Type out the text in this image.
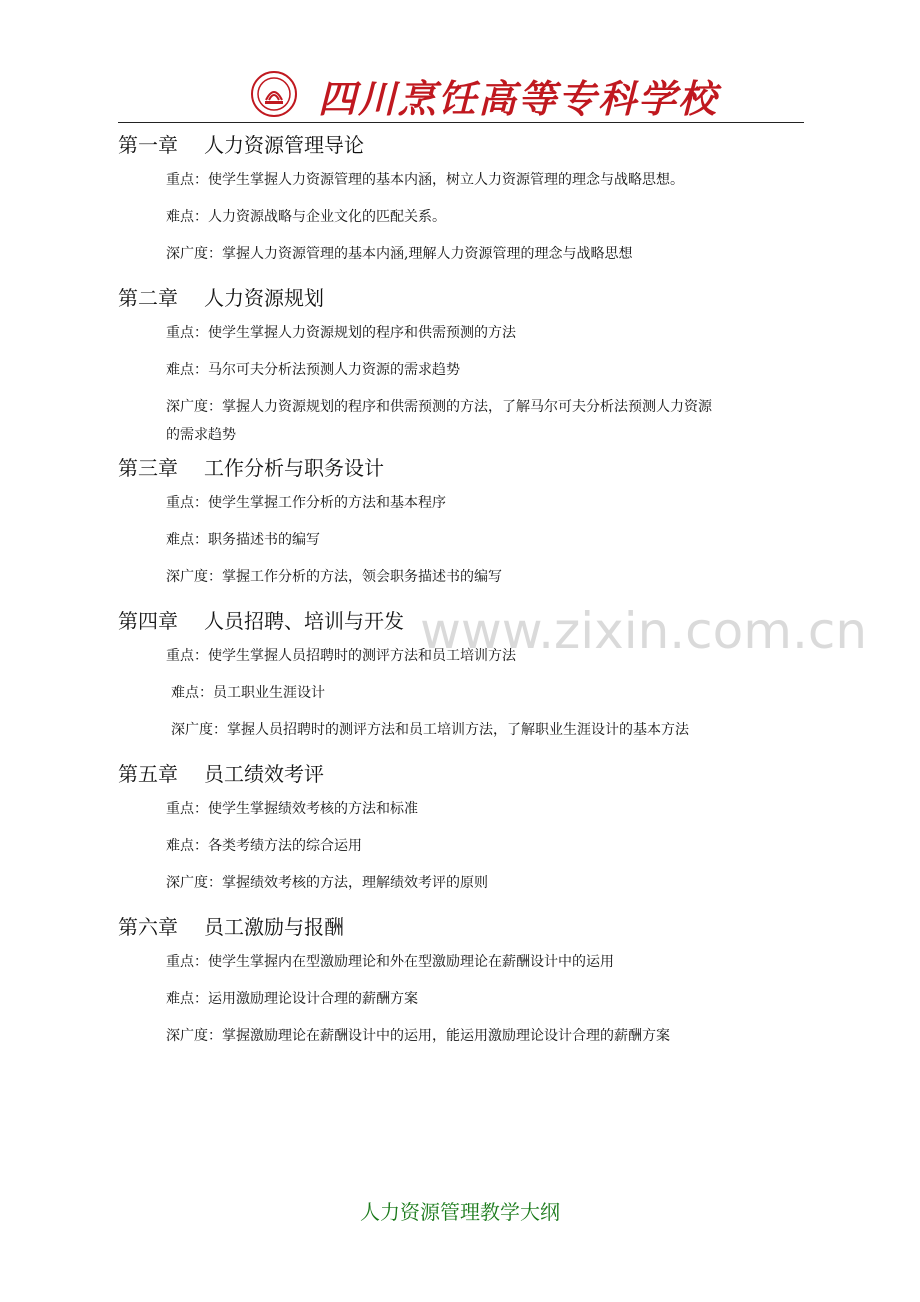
四川烹饪高等专科学校
第一章 人力资源管理导论
重点：使学生掌握人力资源管理的基本内涵，树立人力资源管理的理念与战略思想。
难点：人力资源战略与企业文化的匹配关系。
深广度：掌握人力资源管理的基本内涵,理解人力资源管理的理念与战略思想
第二章 人力资源规划
重点：使学生掌握人力资源规划的程序和供需预测的方法
难点：马尔可夫分析法预测人力资源的需求趋势
深广度：掌握人力资源规划的程序和供需预测的方法，了解马尔可夫分析法预测人力资源
的需求趋势
第三章 工作分析与职务设计
重点：使学生掌握工作分析的方法和基本程序
难点：职务描述书的编写
深广度：掌握工作分析的方法，领会职务描述书的编写
第四章 人员招聘、培训与开发
重点：使学生掌握人员招聘时的测评方法和员工培训方法
难点：员工职业生涯设计
深广度：掌握人员招聘时的测评方法和员工培训方法，了解职业生涯设计的基本方法
第五章 员工绩效考评
重点：使学生掌握绩效考核的方法和标准
难点：各类考绩方法的综合运用
深广度：掌握绩效考核的方法，理解绩效考评的原则
第六章 员工激励与报酬
重点：使学生掌握内在型激励理论和外在型激励理论在薪酬设计中的运用
难点：运用激励理论设计合理的薪酬方案
深广度：掌握激励理论在薪酬设计中的运用，能运用激励理论设计合理的薪酬方案
www.zixin.com.cn
人力资源管理教学大纲
